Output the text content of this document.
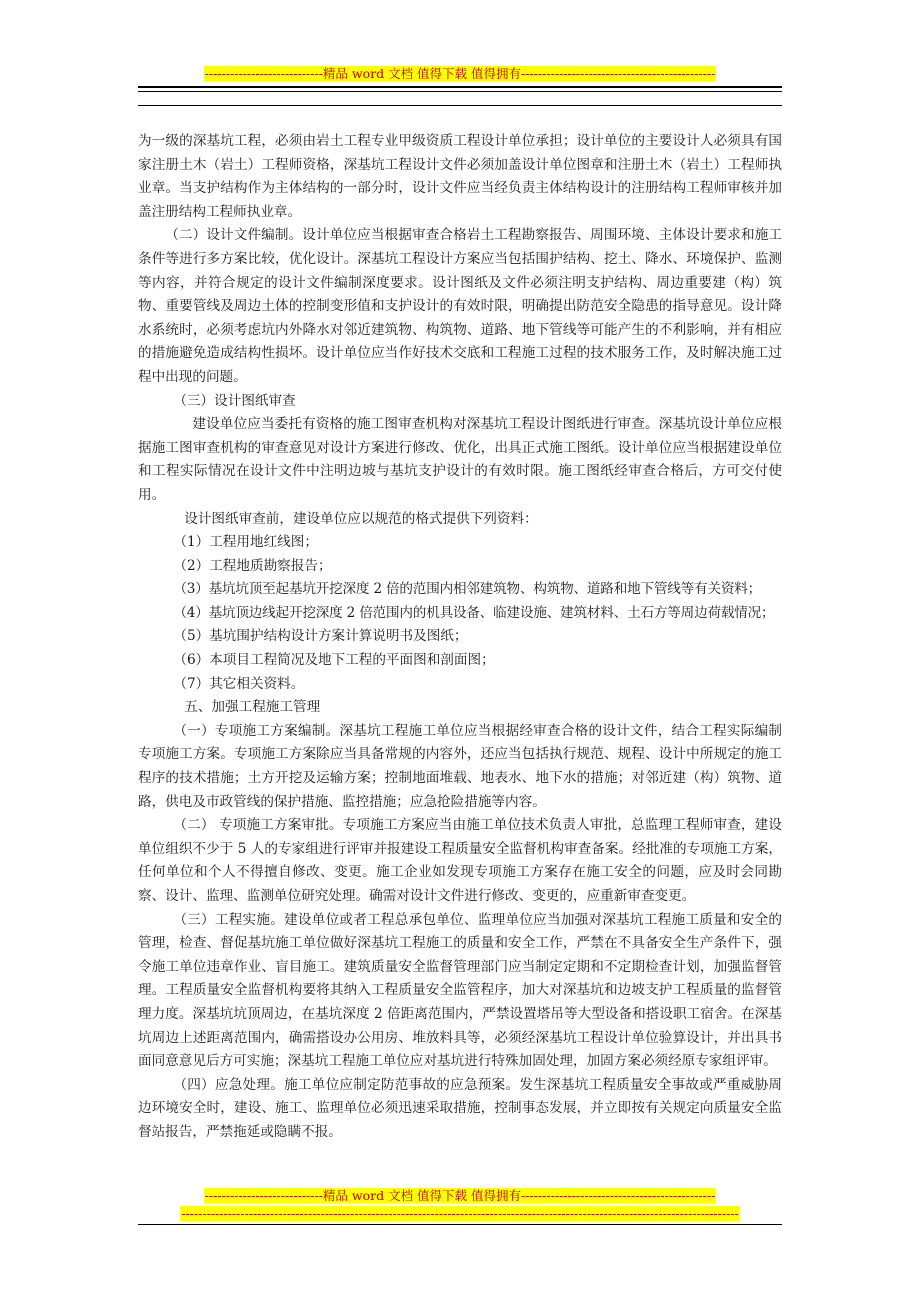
----------------------------精品 word 文档 值得下载 值得拥有----------------------------------------------

为一级的深基坑工程，必须由岩土工程专业甲级资质工程设计单位承担；设计单位的主要设计人必须具有国家注册土木（岩土）工程师资格，深基坑工程设计文件必须加盖设计单位图章和注册土木（岩土）工程师执业章。当支护结构作为主体结构的一部分时，设计文件应当经负责主体结构设计的注册结构工程师审核并加盖注册结构工程师执业章。

（二）设计文件编制。设计单位应当根据审查合格岩土工程勘察报告、周围环境、主体设计要求和施工条件等进行多方案比较，优化设计。深基坑工程设计方案应当包括围护结构、挖土、降水、环境保护、监测等内容，并符合规定的设计文件编制深度要求。设计图纸及文件必须注明支护结构、周边重要建（构）筑物、重要管线及周边土体的控制变形值和支护设计的有效时限，明确提出防范安全隐患的指导意见。设计降水系统时，必须考虑坑内外降水对邻近建筑物、构筑物、道路、地下管线等可能产生的不利影响，并有相应的措施避免造成结构性损坏。设计单位应当作好技术交底和工程施工过程的技术服务工作，及时解决施工过程中出现的问题。

（三）设计图纸审查

建设单位应当委托有资格的施工图审查机构对深基坑工程设计图纸进行审查。深基坑设计单位应根据施工图审查机构的审查意见对设计方案进行修改、优化，出具正式施工图纸。设计单位应当根据建设单位和工程实际情况在设计文件中注明边坡与基坑支护设计的有效时限。施工图纸经审查合格后，方可交付使用。

设计图纸审查前，建设单位应以规范的格式提供下列资料：

（1）工程用地红线图；

（2）工程地质勘察报告；

（3）基坑坑顶至起基坑开挖深度 2 倍的范围内相邻建筑物、构筑物、道路和地下管线等有关资料；

（4）基坑顶边线起开挖深度 2 倍范围内的机具设备、临建设施、建筑材料、土石方等周边荷载情况；

（5）基坑围护结构设计方案计算说明书及图纸；

（6）本项目工程简况及地下工程的平面图和剖面图；

（7）其它相关资料。

五、加强工程施工管理

（一）专项施工方案编制。深基坑工程施工单位应当根据经审查合格的设计文件，结合工程实际编制专项施工方案。专项施工方案除应当具备常规的内容外，还应当包括执行规范、规程、设计中所规定的施工程序的技术措施；土方开挖及运输方案；控制地面堆载、地表水、地下水的措施；对邻近建（构）筑物、道路，供电及市政管线的保护措施、监控措施；应急抢险措施等内容。

（二） 专项施工方案审批。专项施工方案应当由施工单位技术负责人审批，总监理工程师审查，建设单位组织不少于 5 人的专家组进行评审并报建设工程质量安全监督机构审查备案。经批准的专项施工方案，任何单位和个人不得擅自修改、变更。施工企业如发现专项施工方案存在施工安全的问题，应及时会同勘察、设计、监理、监测单位研究处理。确需对设计文件进行修改、变更的，应重新审查变更。

（三）工程实施。建设单位或者工程总承包单位、监理单位应当加强对深基坑工程施工质量和安全的管理，检查、督促基坑施工单位做好深基坑工程施工的质量和安全工作，严禁在不具备安全生产条件下，强令施工单位违章作业、盲目施工。建筑质量安全监督管理部门应当制定定期和不定期检查计划，加强监督管理。工程质量安全监督机构要将其纳入工程质量安全监管程序，加大对深基坑和边坡支护工程质量的监督管理力度。深基坑坑顶周边，在基坑深度 2 倍距离范围内，严禁设置塔吊等大型设备和搭设职工宿舍。在深基坑周边上述距离范围内，确需搭设办公用房、堆放料具等，必须经深基坑工程设计单位验算设计，并出具书面同意意见后方可实施；深基坑工程施工单位应对基坑进行特殊加固处理，加固方案必须经原专家组评审。

（四）应急处理。施工单位应制定防范事故的应急预案。发生深基坑工程质量安全事故或严重威胁周边环境安全时，建设、施工、监理单位必须迅速采取措施，控制事态发展，并立即按有关规定向质量安全监督站报告，严禁拖延或隐瞒不报。

----------------------------精品 word 文档 值得下载 值得拥有----------------------------------------------
------------------------------------------------------------------------------------------------------------------------------------
